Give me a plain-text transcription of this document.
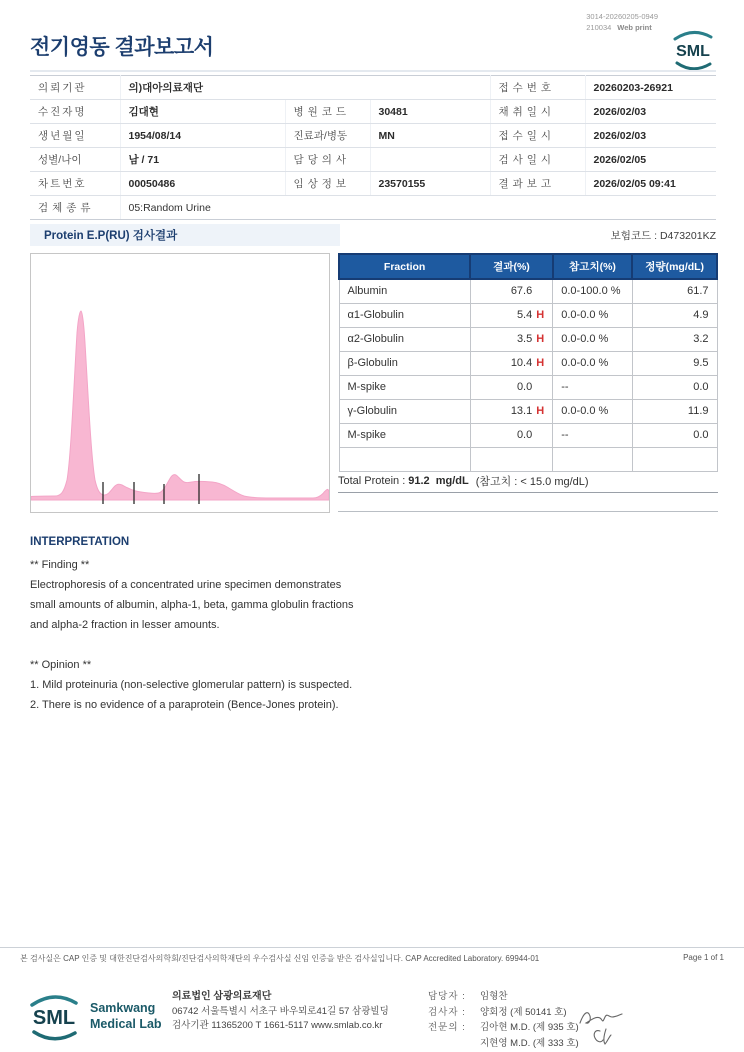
3014-20260205-0949
210034 Web print
전기영동 결과보고서	SML
의뢰기관	의)대아의료재단			접수번호	20260203-26921
수진자명	김대현	병원코드	30481	채취일시	2026/02/03
생년월일	1954/08/14	진료과/병동	MN	접수일시	2026/02/03
성별/나이	남 / 71	담당의사		검사일시	2026/02/05
차트번호	00050486	임상정보	23570155	결과보고	2026/02/05 09:41
검체종류	05:Random Urine				
Protein E.P(RU) 검사결과	보험코드 : D473201KZ
Fraction	결과(%)	참고치(%)	정량(mg/dL)
Albumin	67.6	0.0-100.0 %	61.7
α1-Globulin	5.4 H	0.0-0.0 %	4.9
α2-Globulin	3.5 H	0.0-0.0 %	3.2
β-Globulin	10.4 H	0.0-0.0 %	9.5
M-spike	0.0	--	0.0
γ-Globulin	13.1 H	0.0-0.0 %	11.9
M-spike	0.0	--	0.0

Total Protein : 91.2 mg/dL (참고치 : < 15.0 mg/dL)
INTERPRETATION
** Finding **
Electrophoresis of a concentrated urine specimen demonstrates
small amounts of albumin, alpha-1, beta, gamma globulin fractions
and alpha-2 fraction in lesser amounts.
** Opinion **
1. Mild proteinuria (non-selective glomerular pattern) is suspected.
2. There is no evidence of a paraprotein (Bence-Jones protein).
본 검사실은 CAP 인증 및 대한진단검사의학회/진단검사의학재단의 우수검사실 신임 인증을 받은 검사실입니다. CAP Accredited Laboratory. 69944-01	Page 1 of 1
SML Samkwang
Medical Lab
의료법인 삼광의료재단
06742 서울특별시 서초구 바우뫼로41길 57 삼광빌딩
검사기관 11365200 T 1661-5117 www.smlab.co.kr
담당자 :	임형찬
검사자 :	양회정 (제 50141 호)
전문의 :	김아현 M.D. (제 935 호)
지현영 M.D. (제 333 호)
